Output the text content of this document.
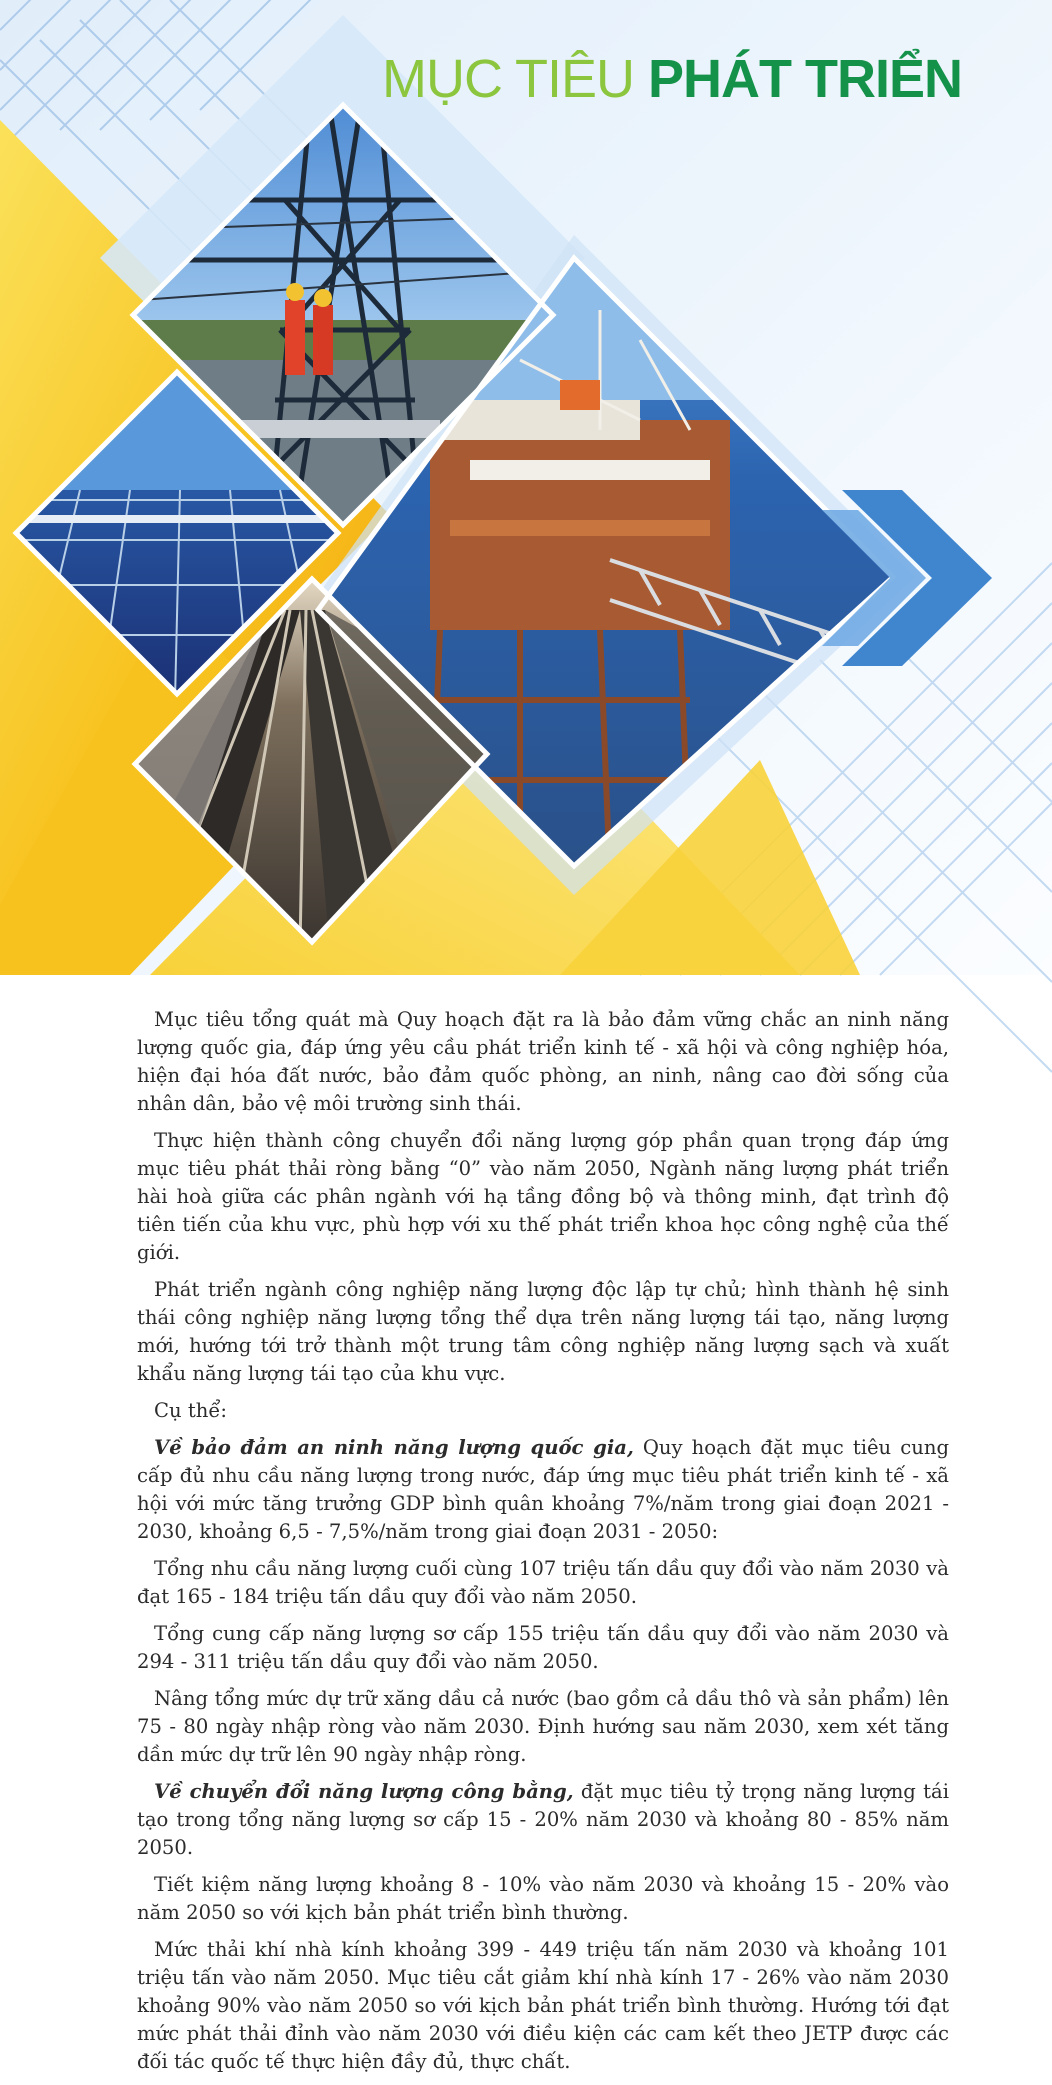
MỤC TIÊU PHÁT TRIỂN

Mục tiêu tổng quát mà Quy hoạch đặt ra là bảo đảm vững chắc an ninh năng lượng quốc gia, đáp ứng yêu cầu phát triển kinh tế - xã hội và công nghiệp hóa, hiện đại hóa đất nước, bảo đảm quốc phòng, an ninh, nâng cao đời sống của nhân dân, bảo vệ môi trường sinh thái.

Thực hiện thành công chuyển đổi năng lượng góp phần quan trọng đáp ứng mục tiêu phát thải ròng bằng “0” vào năm 2050, Ngành năng lượng phát triển hài hoà giữa các phân ngành với hạ tầng đồng bộ và thông minh, đạt trình độ tiên tiến của khu vực, phù hợp với xu thế phát triển khoa học công nghệ của thế giới.

Phát triển ngành công nghiệp năng lượng độc lập tự chủ; hình thành hệ sinh thái công nghiệp năng lượng tổng thể dựa trên năng lượng tái tạo, năng lượng mới, hướng tới trở thành một trung tâm công nghiệp năng lượng sạch và xuất khẩu năng lượng tái tạo của khu vực.

Cụ thể:

Về bảo đảm an ninh năng lượng quốc gia, Quy hoạch đặt mục tiêu cung cấp đủ nhu cầu năng lượng trong nước, đáp ứng mục tiêu phát triển kinh tế - xã hội với mức tăng trưởng GDP bình quân khoảng 7%/năm trong giai đoạn 2021 - 2030, khoảng 6,5 - 7,5%/năm trong giai đoạn 2031 - 2050:

Tổng nhu cầu năng lượng cuối cùng 107 triệu tấn dầu quy đổi vào năm 2030 và đạt 165 - 184 triệu tấn dầu quy đổi vào năm 2050.

Tổng cung cấp năng lượng sơ cấp 155 triệu tấn dầu quy đổi vào năm 2030 và 294 - 311 triệu tấn dầu quy đổi vào năm 2050.

Nâng tổng mức dự trữ xăng dầu cả nước (bao gồm cả dầu thô và sản phẩm) lên 75 - 80 ngày nhập ròng vào năm 2030. Định hướng sau năm 2030, xem xét tăng dần mức dự trữ lên 90 ngày nhập ròng.

Về chuyển đổi năng lượng công bằng, đặt mục tiêu tỷ trọng năng lượng tái tạo trong tổng năng lượng sơ cấp 15 - 20% năm 2030 và khoảng 80 - 85% năm 2050.

Tiết kiệm năng lượng khoảng 8 - 10% vào năm 2030 và khoảng 15 - 20% vào năm 2050 so với kịch bản phát triển bình thường.

Mức thải khí nhà kính khoảng 399 - 449 triệu tấn năm 2030 và khoảng 101 triệu tấn vào năm 2050. Mục tiêu cắt giảm khí nhà kính 17 - 26% vào năm 2030 khoảng 90% vào năm 2050 so với kịch bản phát triển bình thường. Hướng tới đạt mức phát thải đỉnh vào năm 2030 với điều kiện các cam kết theo JETP được các đối tác quốc tế thực hiện đầy đủ, thực chất.
